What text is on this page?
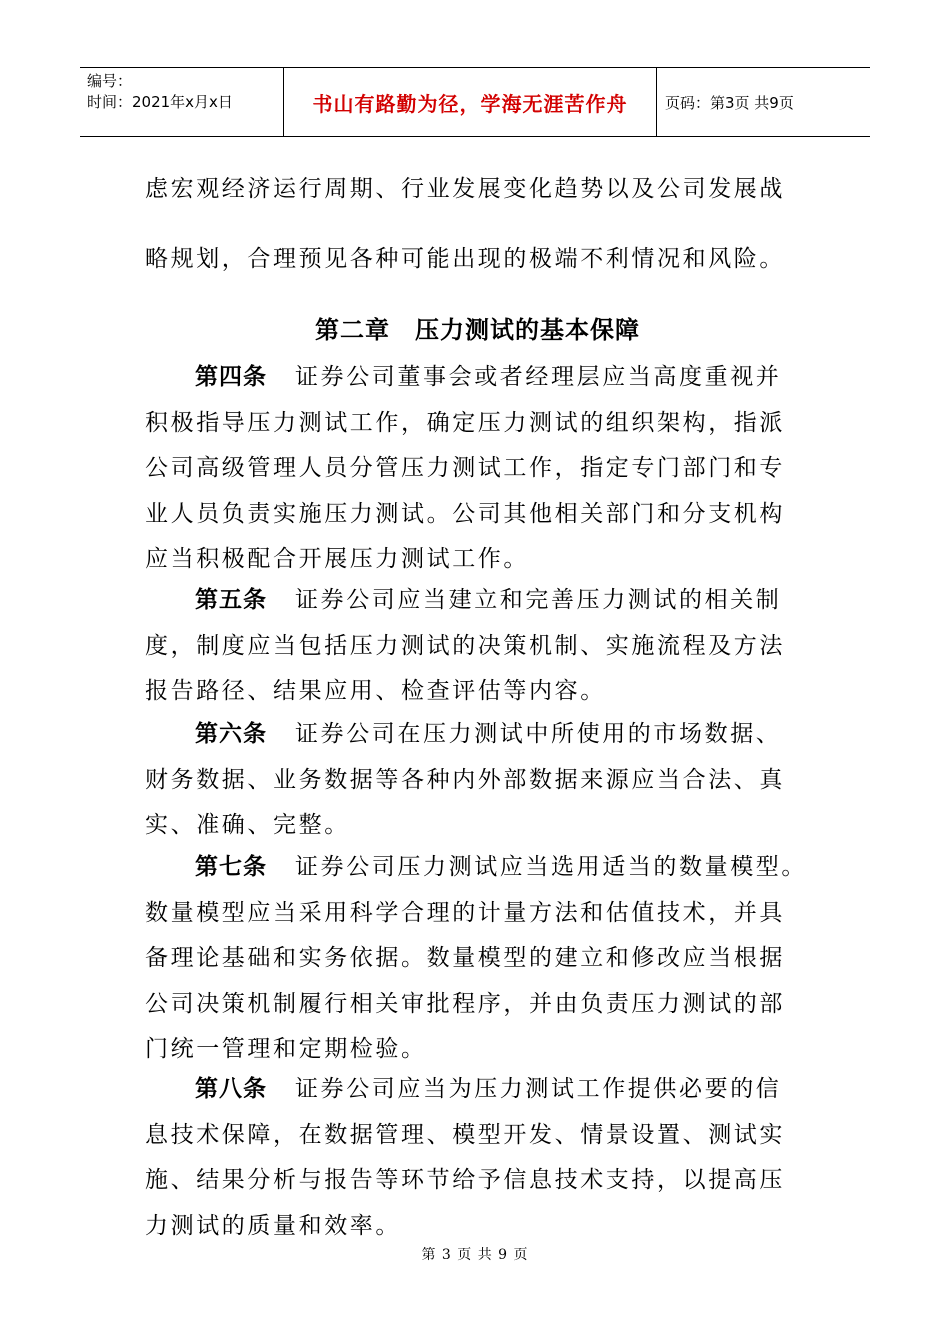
编号：
时间：2021年x月x日	书山有路勤为径，学海无涯苦作舟	页码：第3页 共9页
虑宏观经济运行周期、行业发展变化趋势以及公司发展战
略规划，合理预见各种可能出现的极端不利情况和风险。
第二章　压力测试的基本保障

第四条 证券公司董事会或者经理层应当高度重视并

积极指导压力测试工作，确定压力测试的组织架构，指派

公司高级管理人员分管压力测试工作，指定专门部门和专

业人员负责实施压力测试。公司其他相关部门和分支机构

应当积极配合开展压力测试工作。

第五条 证券公司应当建立和完善压力测试的相关制

度，制度应当包括压力测试的决策机制、实施流程及方法

报告路径、结果应用、检查评估等内容。

第六条 证券公司在压力测试中所使用的市场数据、

财务数据、业务数据等各种内外部数据来源应当合法、真

实、准确、完整。

第七条 证券公司压力测试应当选用适当的数量模型。

数量模型应当采用科学合理的计量方法和估值技术，并具

备理论基础和实务依据。数量模型的建立和修改应当根据

公司决策机制履行相关审批程序，并由负责压力测试的部

门统一管理和定期检验。

第八条 证券公司应当为压力测试工作提供必要的信

息技术保障，在数据管理、模型开发、情景设置、测试实

施、结果分析与报告等环节给予信息技术支持，以提高压

力测试的质量和效率。

第 3 页 共 9 页
